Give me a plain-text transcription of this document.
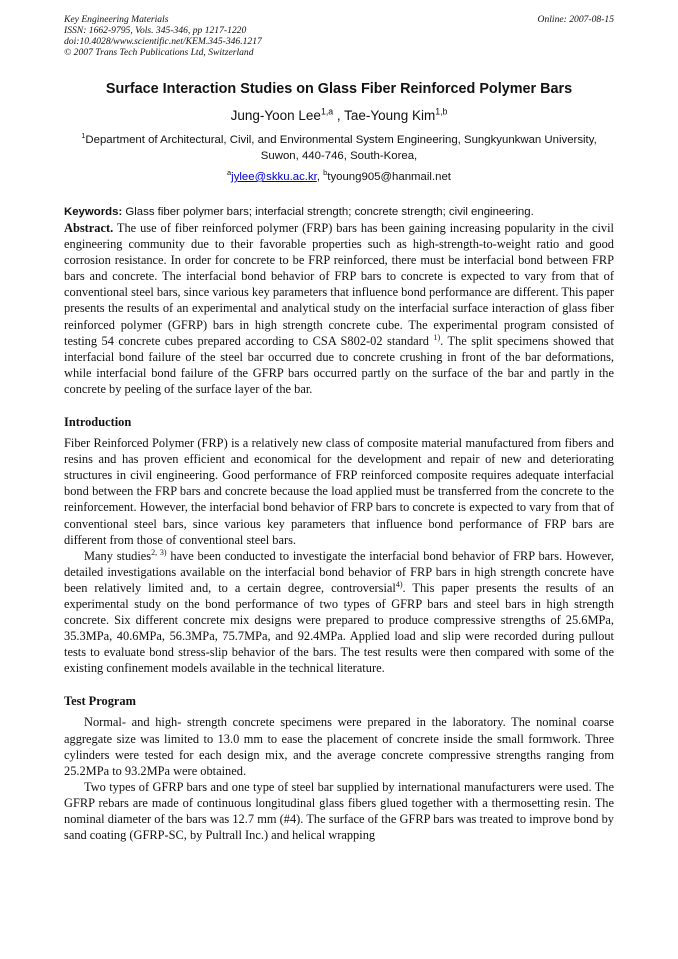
Key Engineering Materials
ISSN: 1662-9795, Vols. 345-346, pp 1217-1220
doi:10.4028/www.scientific.net/KEM.345-346.1217
© 2007 Trans Tech Publications Ltd, Switzerland
Online: 2007-08-15
Surface Interaction Studies on Glass Fiber Reinforced Polymer Bars
Jung-Yoon Lee$^{1,a}$ , Tae-Young Kim$^{1,b}$
$^1$Department of Architectural, Civil, and Environmental System Engineering, Sungkyunkwan University, Suwon, 440-746, South-Korea,
$^a$jylee@skku.ac.kr, $^b$tyoung905@hanmail.net
Keywords: Glass fiber polymer bars; interfacial strength; concrete strength; civil engineering.

Abstract. The use of fiber reinforced polymer (FRP) bars has been gaining increasing popularity in the civil engineering community due to their favorable properties such as high-strength-to-weight ratio and good corrosion resistance. In order for concrete to be FRP reinforced, there must be interfacial bond between FRP bars and concrete. The interfacial bond behavior of FRP bars to concrete is expected to vary from that of conventional steel bars, since various key parameters that influence bond performance are different. This paper presents the results of an experimental and analytical study on the interfacial surface interaction of glass fiber reinforced polymer (GFRP) bars in high strength concrete cube. The experimental program consisted of testing 54 concrete cubes prepared according to CSA S802-02 standard $^{1)}$. The split specimens showed that interfacial bond failure of the steel bar occurred due to concrete crushing in front of the bar deformations, while interfacial bond failure of the GFRP bars occurred partly on the surface of the bar and partly in the concrete by peeling of the surface layer of the bar.

Introduction

Fiber Reinforced Polymer (FRP) is a relatively new class of composite material manufactured from fibers and resins and has proven efficient and economical for the development and repair of new and deteriorating structures in civil engineering. Good performance of FRP reinforced composite requires adequate interfacial bond between the FRP bars and concrete because the load applied must be transferred from the concrete to the reinforcement. However, the interfacial bond behavior of FRP bars to concrete is expected to vary from that of conventional steel bars, since various key parameters that influence bond performance of FRP bars are different from those of conventional steel bars.

Many studies$^{2, 3)}$ have been conducted to investigate the interfacial bond behavior of FRP bars. However, detailed investigations available on the interfacial bond behavior of FRP bars in high strength concrete have been relatively limited and, to a certain degree, controversial$^{4)}$. This paper presents the results of an experimental study on the bond performance of two types of GFRP bars and steel bars in high strength concrete. Six different concrete mix designs were prepared to produce compressive strengths of 25.6MPa, 35.3MPa, 40.6MPa, 56.3MPa, 75.7MPa, and 92.4MPa. Applied load and slip were recorded during pullout tests to evaluate bond stress-slip behavior of the bars. The test results were then compared with some of the existing confinement models available in the technical literature.

Test Program

Normal- and high- strength concrete specimens were prepared in the laboratory. The nominal coarse aggregate size was limited to 13.0 mm to ease the placement of concrete inside the small formwork. Three cylinders were tested for each design mix, and the average concrete compressive strengths ranging from 25.2MPa to 93.2MPa were obtained.

Two types of GFRP bars and one type of steel bar supplied by international manufacturers were used. The GFRP rebars are made of continuous longitudinal glass fibers glued together with a thermosetting resin. The nominal diameter of the bars was 12.7 mm (#4). The surface of the GFRP bars was treated to improve bond by sand coating (GFRP-SC, by Pultrall Inc.) and helical wrapping
